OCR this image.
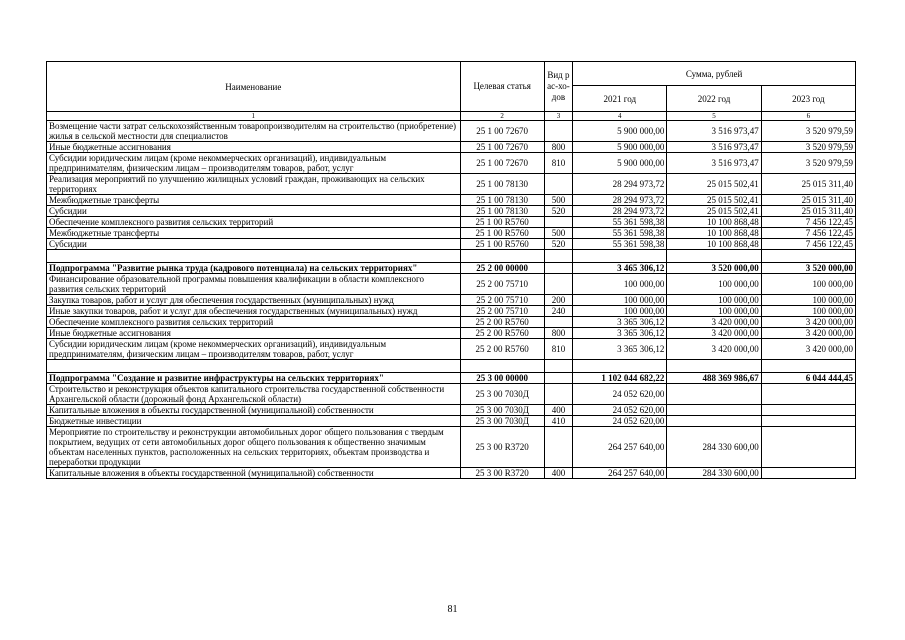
Наименование	Целевая статья	Вид рас-хо-дов	Сумма, рублей		
			2021 год	2022 год	2023 год
1	2	3	4	5	6
Возмещение части затрат сельскохозяйственным товаропроизводителям на строительство (приобретение) жилья в сельской местности для специалистов	25 1 00 72670		5 900 000,00	3 516 973,47	3 520 979,59
Иные бюджетные ассигнования	25 1 00 72670	800	5 900 000,00	3 516 973,47	3 520 979,59
Субсидии юридическим лицам (кроме некоммерческих организаций), индивидуальным предпринимателям, физическим лицам – производителям товаров, работ, услуг	25 1 00 72670	810	5 900 000,00	3 516 973,47	3 520 979,59
Реализация мероприятий по улучшению жилищных условий граждан, проживающих на сельских территориях	25 1 00 78130		28 294 973,72	25 015 502,41	25 015 311,40
Межбюджетные трансферты	25 1 00 78130	500	28 294 973,72	25 015 502,41	25 015 311,40
Субсидии	25 1 00 78130	520	28 294 973,72	25 015 502,41	25 015 311,40
Обеспечение комплексного развития сельских территорий	25 1 00 R5760		55 361 598,38	10 100 868,48	7 456 122,45
Межбюджетные трансферты	25 1 00 R5760	500	55 361 598,38	10 100 868,48	7 456 122,45
Субсидии	25 1 00 R5760	520	55 361 598,38	10 100 868,48	7 456 122,45

Подпрограмма "Развитие рынка труда (кадрового потенциала) на сельских территориях"	25 2 00 00000		3 465 306,12	3 520 000,00	3 520 000,00
Финансирование образовательной программы повышения квалификации в области комплексного развития сельских территорий	25 2 00 75710		100 000,00	100 000,00	100 000,00
Закупка товаров, работ и услуг для обеспечения государственных (муниципальных) нужд	25 2 00 75710	200	100 000,00	100 000,00	100 000,00
Иные закупки товаров, работ и услуг для обеспечения государственных (муниципальных) нужд	25 2 00 75710	240	100 000,00	100 000,00	100 000,00
Обеспечение комплексного развития сельских территорий	25 2 00 R5760		3 365 306,12	3 420 000,00	3 420 000,00
Иные бюджетные ассигнования	25 2 00 R5760	800	3 365 306,12	3 420 000,00	3 420 000,00
Субсидии юридическим лицам (кроме некоммерческих организаций), индивидуальным предпринимателям, физическим лицам – производителям товаров, работ, услуг	25 2 00 R5760	810	3 365 306,12	3 420 000,00	3 420 000,00

Подпрограмма "Создание и развитие инфраструктуры на сельских территориях"	25 3 00 00000		1 102 044 682,22	488 369 986,67	6 044 444,45
Строительство и реконструкция объектов капитального строительства государственной собственности Архангельской области (дорожный фонд Архангельской области)	25 3 00 7030Д		24 052 620,00		
Капитальные вложения в объекты государственной (муниципальной) собственности	25 3 00 7030Д	400	24 052 620,00		
Бюджетные инвестиции	25 3 00 7030Д	410	24 052 620,00		
Мероприятие по строительству и реконструкции автомобильных дорог общего пользования с твердым покрытием, ведущих от сети автомобильных дорог общего пользования к общественно значимым объектам населенных пунктов, расположенных на сельских территориях, объектам производства и переработки продукции	25 3 00 R3720		264 257 640,00	284 330 600,00	
Капитальные вложения в объекты государственной (муниципальной) собственности	25 3 00 R3720	400	264 257 640,00	284 330 600,00	
81
